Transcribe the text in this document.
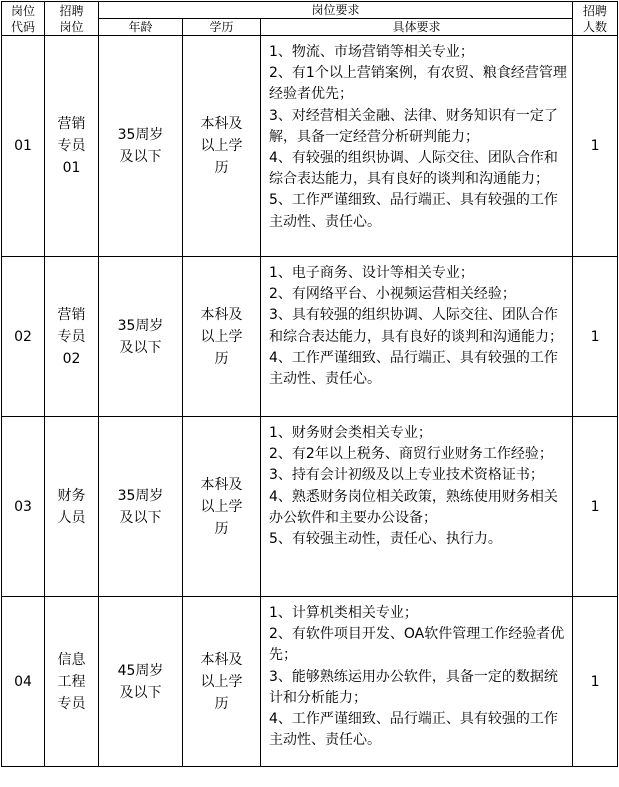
岗位代码	招聘岗位	岗位要求			招聘人数

		年龄	学历	具体要求	
01	营销专员01	35周岁及以下	本科及以上学历	1、物流、市场营销等相关专业；
2、有1个以上营销案例，有农贸、粮食经营管理经验者优先；
3、对经营相关金融、法律、财务知识有一定了解，具备一定经营分析研判能力；
4、有较强的组织协调、人际交往、团队合作和综合表达能力，具有良好的谈判和沟通能力；
5、工作严谨细致、品行端正、具有较强的工作主动性、责任心。	1
02	营销专员02	35周岁及以下	本科及以上学历	1、电子商务、设计等相关专业；
2、有网络平台、小视频运营相关经验；
3、具有较强的组织协调、人际交往、团队合作和综合表达能力，具有良好的谈判和沟通能力；
4、工作严谨细致、品行端正、具有较强的工作主动性、责任心。	1
03	财务人员	35周岁及以下	本科及以上学历	1、财务财会类相关专业；
2、有2年以上税务、商贸行业财务工作经验；
3、持有会计初级及以上专业技术资格证书；
4、熟悉财务岗位相关政策，熟练使用财务相关办公软件和主要办公设备；
5、有较强主动性，责任心、执行力。	1
04	信息工程专员	45周岁及以下	本科及以上学历	1、计算机类相关专业；
2、有软件项目开发、OA软件管理工作经验者优先；
3、能够熟练运用办公软件，具备一定的数据统计和分析能力；
4、工作严谨细致、品行端正、具有较强的工作主动性、责任心。	1
